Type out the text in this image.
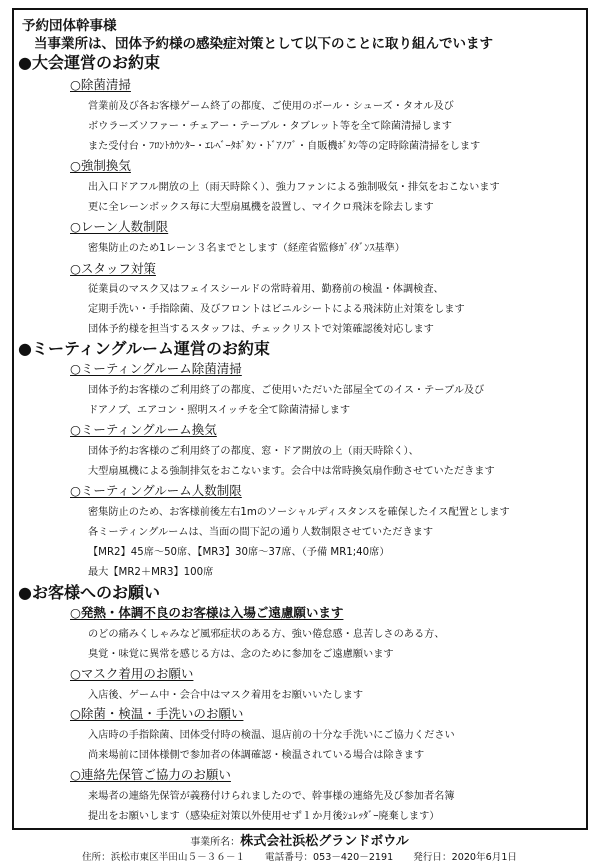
予約団体幹事様
当事業所は、団体予約様の感染症対策として以下のことに取り組んでいます
●大会運営のお約束
○除菌清掃
営業前及び各お客様ゲーム終了の都度、ご使用のボール・シューズ・タオル及び
ボウラーズソファー・チェアー・テーブル・タブレット等を全て除菌清掃します
また受付台・ﾌﾛﾝﾄｶｳﾝﾀｰ・ｴﾚﾍﾞｰﾀﾎﾞﾀﾝ・ﾄﾞｱﾉﾌﾞ・自販機ﾎﾞﾀﾝ等の定時除菌清掃をします
○強制換気
出入口ドアフル開放の上（雨天時除く）、強力ファンによる強制吸気・排気をおこないます
更に全レーンボックス毎に大型扇風機を設置し、マイクロ飛沫を除去します
○レーン人数制限
密集防止のため1レーン３名までとします（経産省監修ｶﾞｲﾀﾞﾝｽ基準）
○スタッフ対策
従業員のマスク又はフェイスシールドの常時着用、勤務前の検温・体調検査、
定期手洗い・手指除菌、及びフロントはビニルシートによる飛沫防止対策をします
団体予約様を担当するスタッフは、チェックリストで対策確認後対応します
●ミーティングルーム運営のお約束
○ミーティングルーム除菌清掃
団体予約お客様のご利用終了の都度、ご使用いただいた部屋全てのイス・テーブル及び
ドアノブ、エアコン・照明スイッチを全て除菌清掃します
○ミーティングルーム換気
団体予約お客様のご利用終了の都度、窓・ドア開放の上（雨天時除く）、
大型扇風機による強制排気をおこないます。会合中は常時換気扇作動させていただきます
○ミーティングルーム人数制限
密集防止のため、お客様前後左右1mのソーシャルディスタンスを確保したイス配置とします
各ミーティングルームは、当面の間下記の通り人数制限させていただきます
【MR2】45席～50席、【MR3】30席～37席、（予備 MR1;40席）
最大【MR2＋MR3】100席
●お客様へのお願い
○発熱・体調不良のお客様は入場ご遠慮願います
のどの痛みくしゃみなど風邪症状のある方、強い倦怠感・息苦しさのある方、
臭覚・味覚に異常を感じる方は、念のために参加をご遠慮願います
○マスク着用のお願い
入店後、ゲーム中・会合中はマスク着用をお願いいたします
○除菌・検温・手洗いのお願い
入店時の手指除菌、団体受付時の検温、退店前の十分な手洗いにご協力ください
尚来場前に団体様側で参加者の体調確認・検温されている場合は除きます
○連絡先保管ご協力のお願い
来場者の連絡先保管が義務付けられましたので、幹事様の連絡先及び参加者名簿
提出をお願いします（感染症対策以外使用せず１か月後ｼｭﾚｯﾀﾞｰ廃棄します）
事業所名：株式会社浜松グランドボウル
住所：浜松市東区半田山５－３６－１ 電話番号：053－420－2191 発行日：2020年6月1日
